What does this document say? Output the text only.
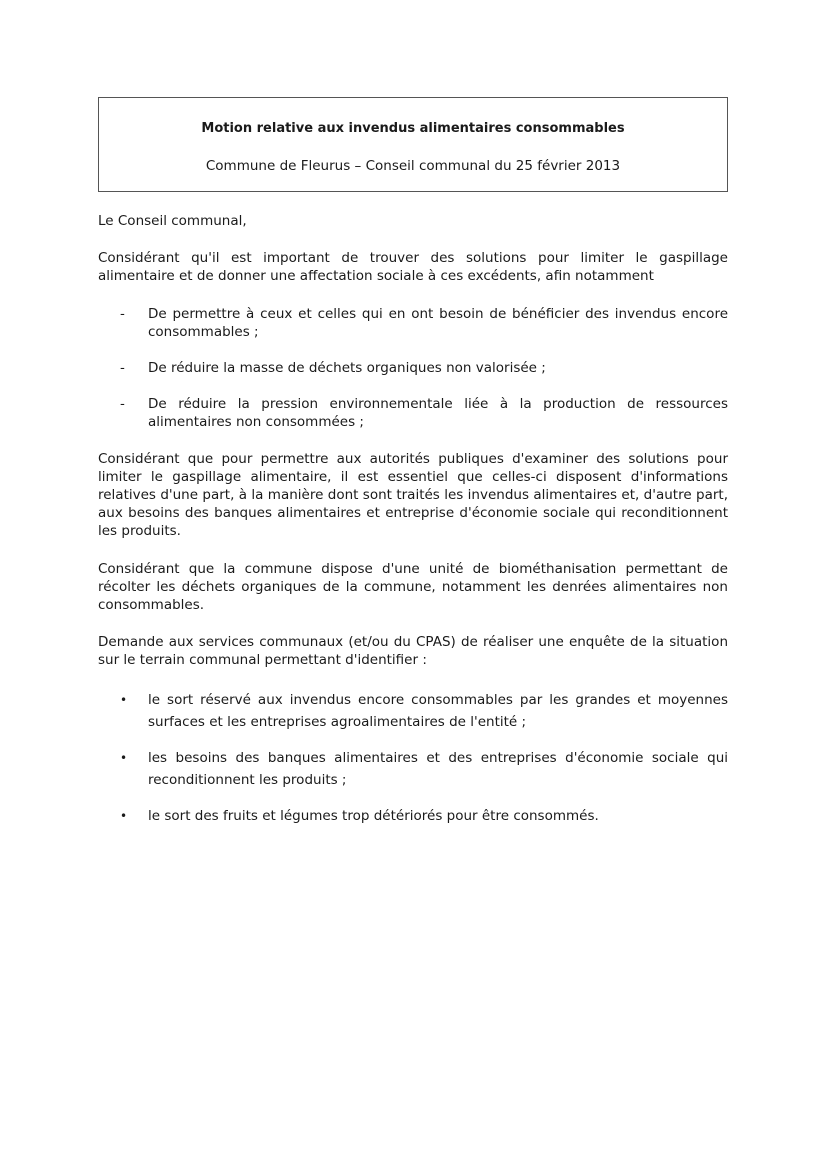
Motion relative aux invendus alimentaires consommables

Commune de Fleurus – Conseil communal du 25 février 2013

Le Conseil communal,

Considérant qu'il est important de trouver des solutions pour limiter le gaspillage alimentaire et de donner une affectation sociale à ces excédents, afin notamment

- De permettre à ceux et celles qui en ont besoin de bénéficier des invendus encore consommables ;
- De réduire la masse de déchets organiques non valorisée ;
- De réduire la pression environnementale liée à la production de ressources alimentaires non consommées ;

Considérant que pour permettre aux autorités publiques d'examiner des solutions pour limiter le gaspillage alimentaire, il est essentiel que celles-ci disposent d'informations relatives d'une part, à la manière dont sont traités les invendus alimentaires et, d'autre part, aux besoins des banques alimentaires et entreprise d'économie sociale qui reconditionnent les produits.

Considérant que la commune dispose d'une unité de biométhanisation permettant de récolter les déchets organiques de la commune, notamment les denrées alimentaires non consommables.

Demande aux services communaux (et/ou du CPAS) de réaliser une enquête de la situation sur le terrain communal permettant d'identifier :

• le sort réservé aux invendus encore consommables par les grandes et moyennes surfaces et les entreprises agroalimentaires de l'entité ;
• les besoins des banques alimentaires et des entreprises d'économie sociale qui reconditionnent les produits ;
• le sort des fruits et légumes trop détériorés pour être consommés.
